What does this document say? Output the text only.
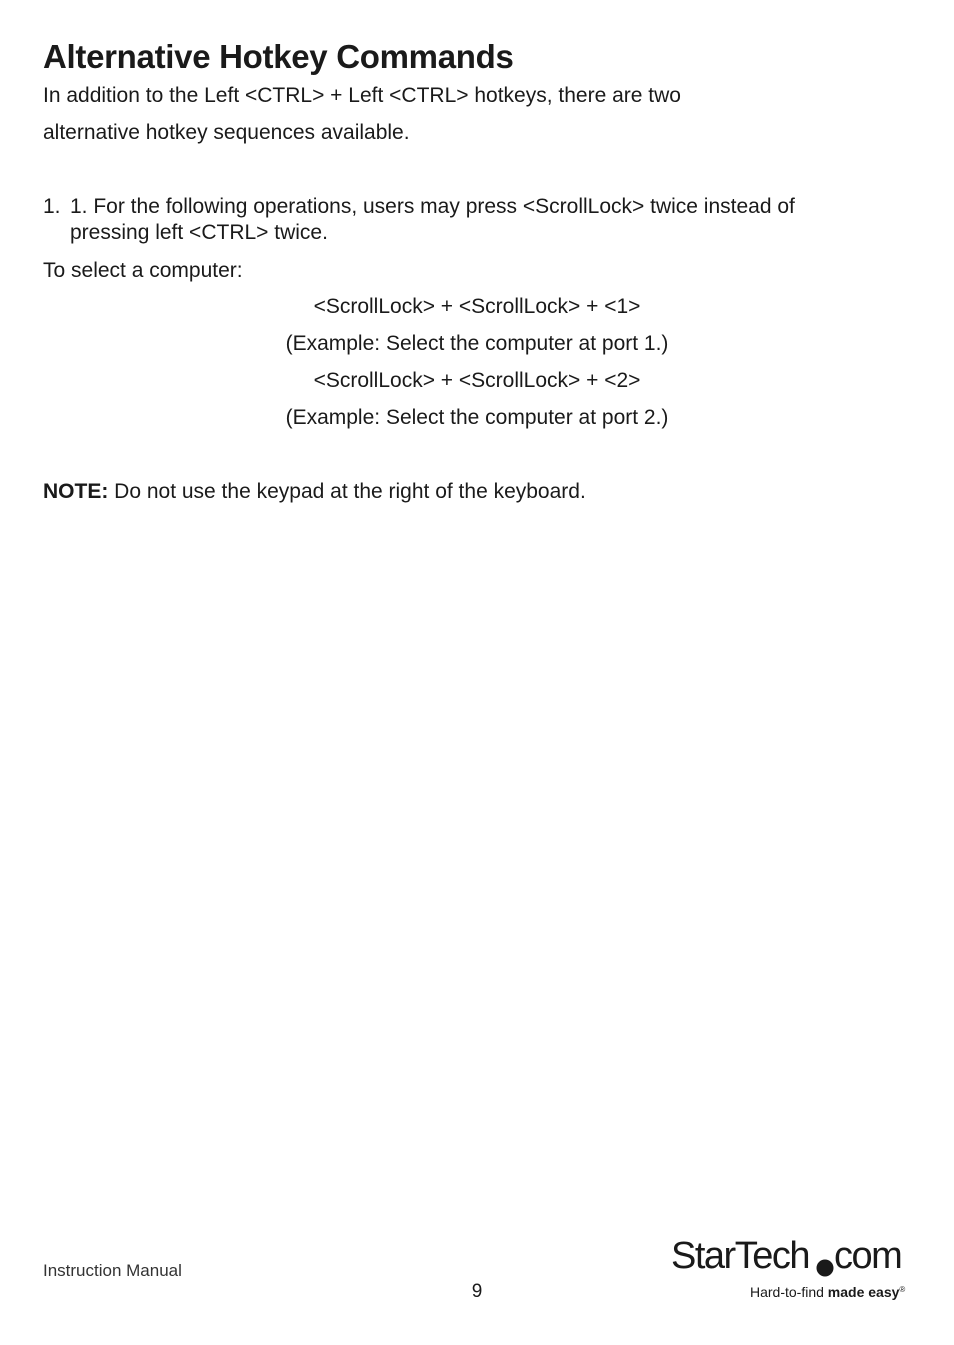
Alternative Hotkey Commands

In addition to the Left <CTRL> + Left <CTRL> hotkeys, there are two

alternative hotkey sequences available.

1. 1. For the following operations, users may press <ScrollLock> twice instead of pressing left <CTRL> twice.

To select a computer:

<ScrollLock> + <ScrollLock> + <1>

(Example: Select the computer at port 1.)

<ScrollLock> + <ScrollLock> + <2>

(Example: Select the computer at port 2.)

NOTE: Do not use the keypad at the right of the keyboard.

Instruction Manual
9
StarTech com
Hard-to-find made easy®
